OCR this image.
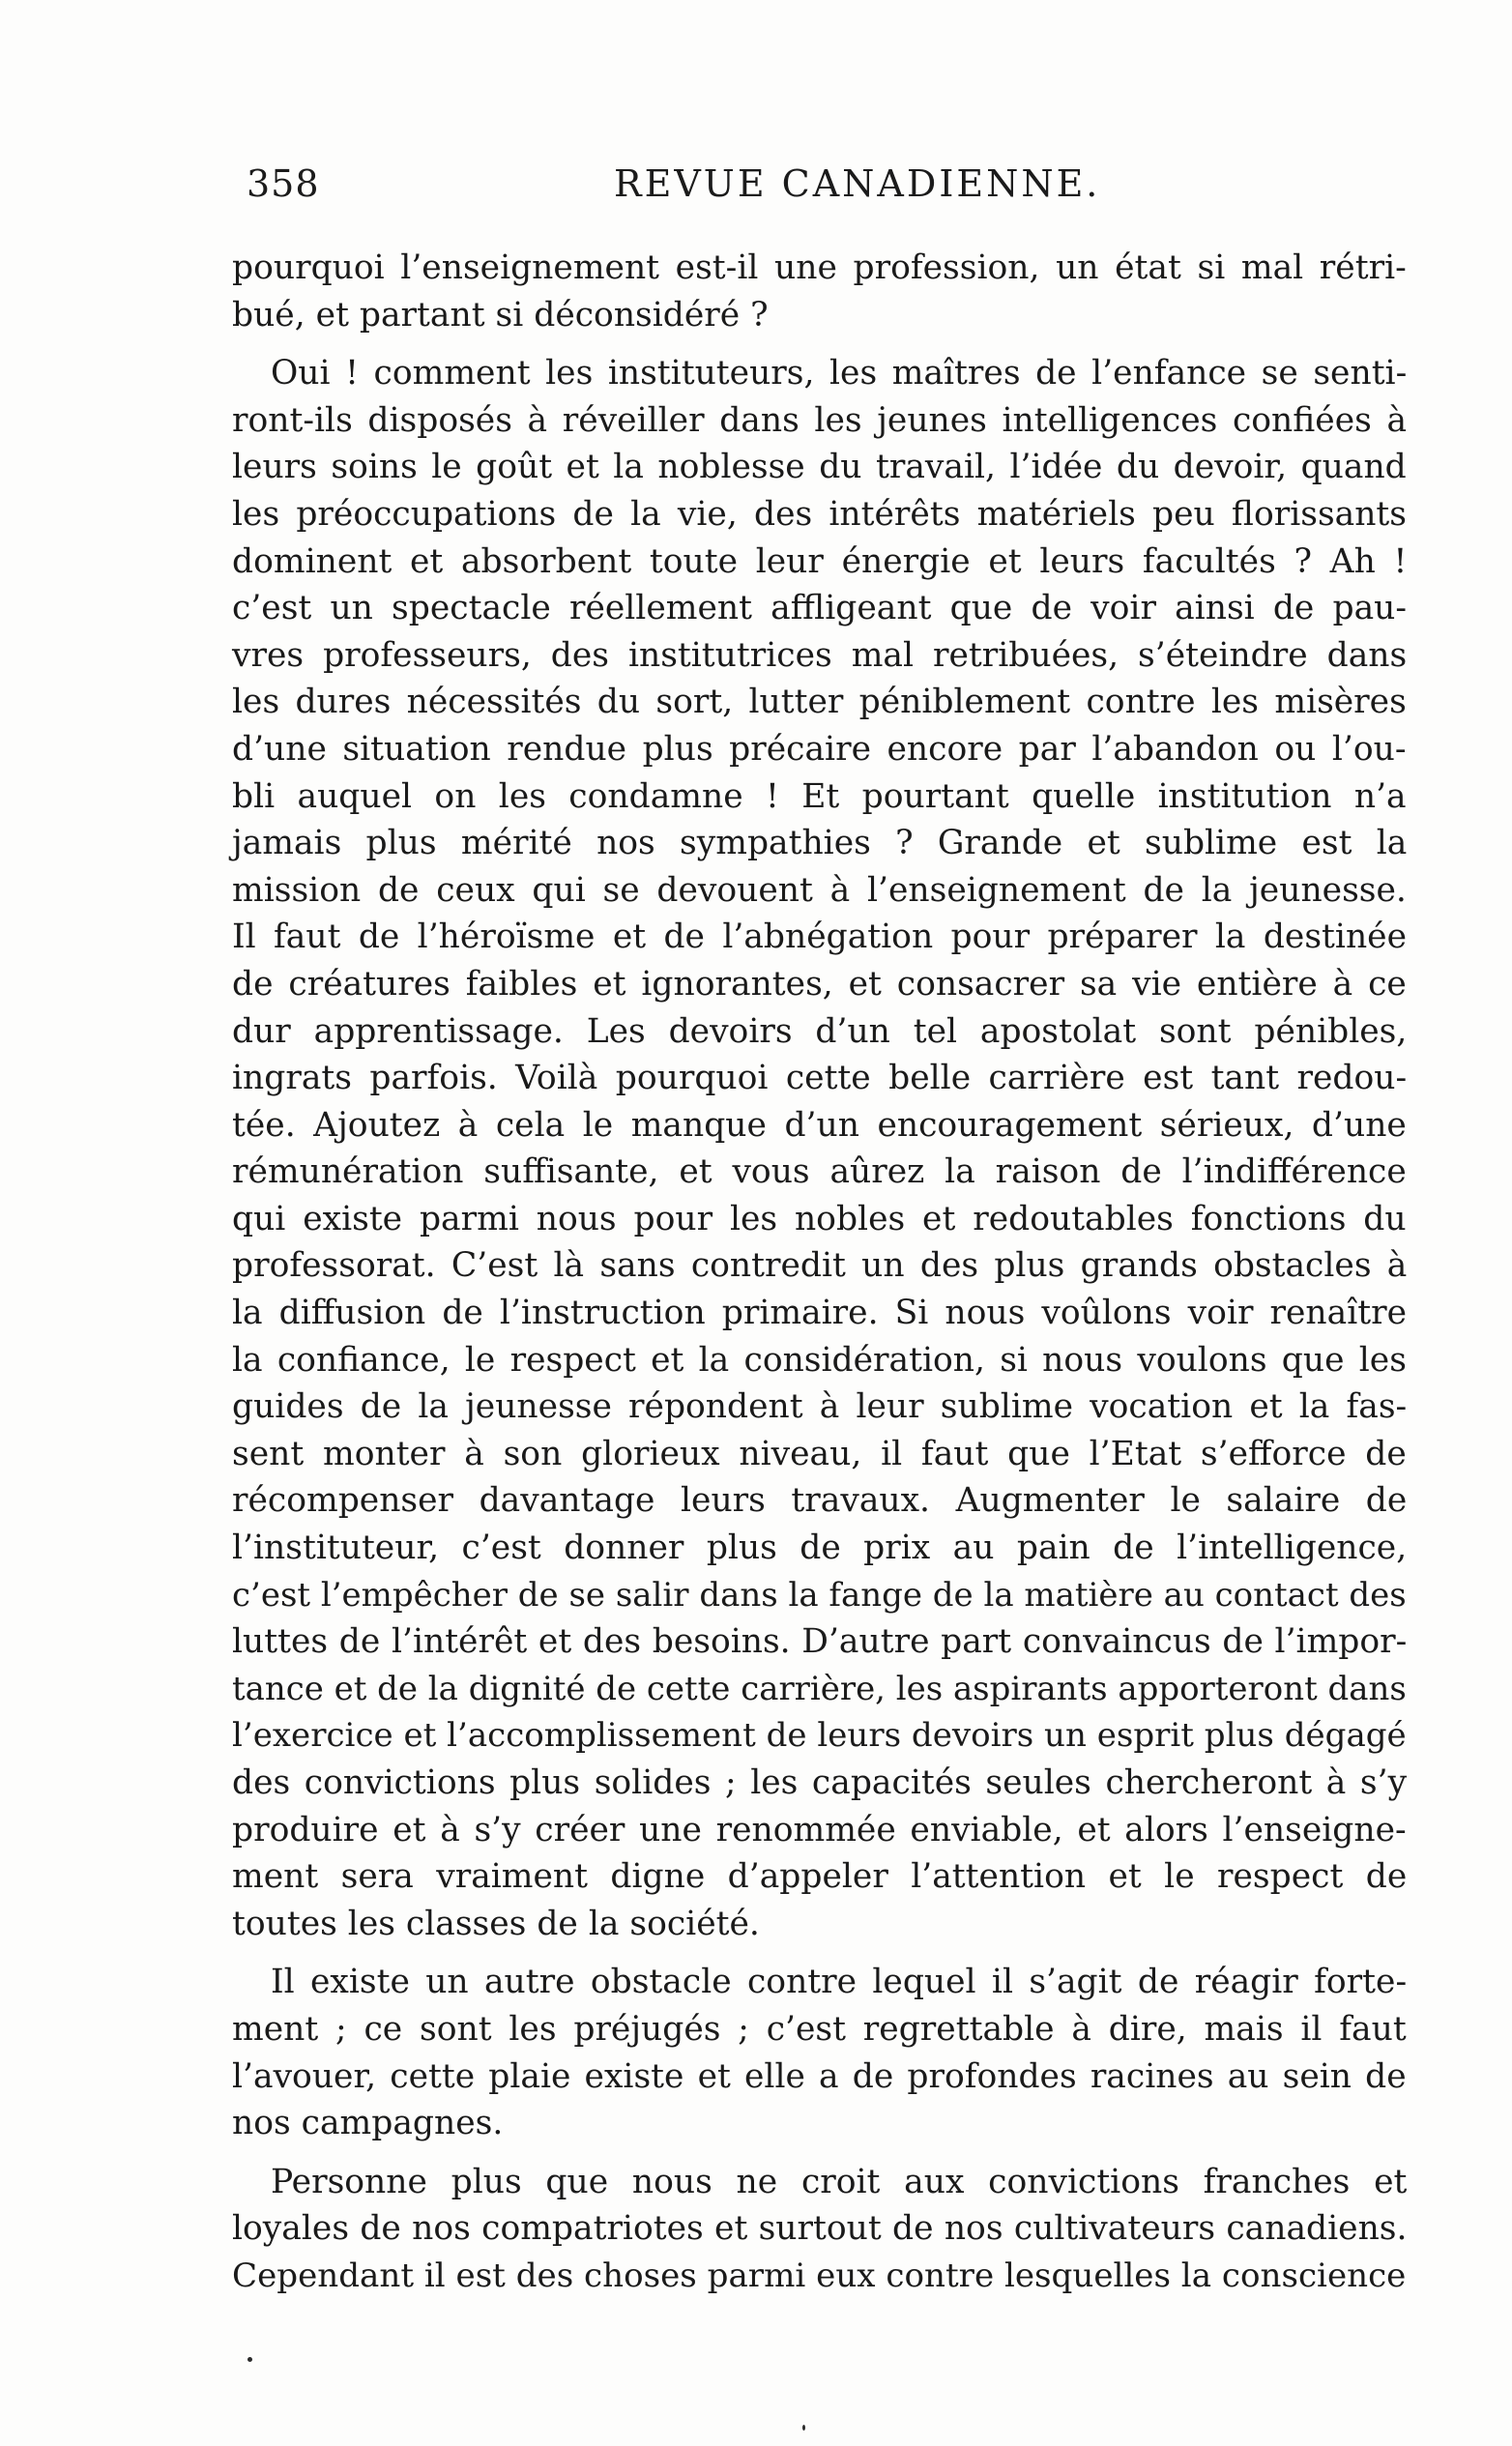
358	REVUE CANADIENNE.
pourquoi l’enseignement est-il une profession, un état si mal rétri-
bué, et partant si déconsidéré ?
Oui ! comment les instituteurs, les maîtres de l’enfance se senti-
ront-ils disposés à réveiller dans les jeunes intelligences confiées à
leurs soins le goût et la noblesse du travail, l’idée du devoir, quand
les préoccupations de la vie, des intérêts matériels peu florissants
dominent et absorbent toute leur énergie et leurs facultés ? Ah !
c’est un spectacle réellement affligeant que de voir ainsi de pau-
vres professeurs, des institutrices mal retribuées, s’éteindre dans
les dures nécessités du sort, lutter péniblement contre les misères
d’une situation rendue plus précaire encore par l’abandon ou l’ou-
bli auquel on les condamne ! Et pourtant quelle institution n’a
jamais plus mérité nos sympathies ? Grande et sublime est la
mission de ceux qui se devouent à l’enseignement de la jeunesse.
Il faut de l’héroïsme et de l’abnégation pour préparer la destinée
de créatures faibles et ignorantes, et consacrer sa vie entière à ce
dur apprentissage. Les devoirs d’un tel apostolat sont pénibles,
ingrats parfois. Voilà pourquoi cette belle carrière est tant redou-
tée. Ajoutez à cela le manque d’un encouragement sérieux, d’une
rémunération suffisante, et vous aûrez la raison de l’indifférence
qui existe parmi nous pour les nobles et redoutables fonctions du
professorat. C’est là sans contredit un des plus grands obstacles à
la diffusion de l’instruction primaire. Si nous voûlons voir renaître
la confiance, le respect et la considération, si nous voulons que les
guides de la jeunesse répondent à leur sublime vocation et la fas-
sent monter à son glorieux niveau, il faut que l’Etat s’efforce de
récompenser davantage leurs travaux. Augmenter le salaire de
l’instituteur, c’est donner plus de prix au pain de l’intelligence,
c’est l’empêcher de se salir dans la fange de la matière au contact des
luttes de l’intérêt et des besoins. D’autre part convaincus de l’impor-
tance et de la dignité de cette carrière, les aspirants apporteront dans
l’exercice et l’accomplissement de leurs devoirs un esprit plus dégagé
des convictions plus solides ; les capacités seules chercheront à s’y
produire et à s’y créer une renommée enviable, et alors l’enseigne-
ment sera vraiment digne d’appeler l’attention et le respect de
toutes les classes de la société.
Il existe un autre obstacle contre lequel il s’agit de réagir forte-
ment ; ce sont les préjugés ; c’est regrettable à dire, mais il faut
l’avouer, cette plaie existe et elle a de profondes racines au sein de
nos campagnes.
Personne plus que nous ne croit aux convictions franches et
loyales de nos compatriotes et surtout de nos cultivateurs canadiens.
Cependant il est des choses parmi eux contre lesquelles la conscience
